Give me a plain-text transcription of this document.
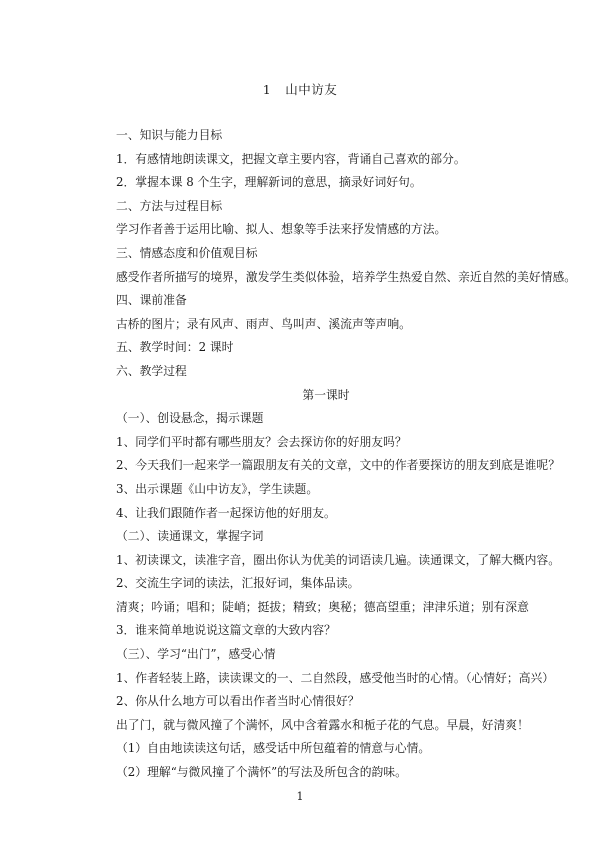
1 山中访友
一、知识与能力目标
1．有感情地朗读课文，把握文章主要内容，背诵自己喜欢的部分。
2．掌握本课 8 个生字，理解新词的意思，摘录好词好句。
二、方法与过程目标
学习作者善于运用比喻、拟人、想象等手法来抒发情感的方法。
三、情感态度和价值观目标
感受作者所描写的境界，激发学生类似体验，培养学生热爱自然、亲近自然的美好情感。
四、课前准备
古桥的图片；录有风声、雨声、鸟叫声、溪流声等声响。
五、教学时间：2 课时
六、教学过程
第一课时
（一）、创设悬念，揭示课题
1、同学们平时都有哪些朋友？会去探访你的好朋友吗？
2、今天我们一起来学一篇跟朋友有关的文章，文中的作者要探访的朋友到底是谁呢？
3、出示课题《山中访友》，学生读题。
4、让我们跟随作者一起探访他的好朋友。
（二）、读通课文，掌握字词
1、初读课文，读准字音，圈出你认为优美的词语读几遍。读通课文，了解大概内容。
2、交流生字词的读法，汇报好词，集体品读。
清爽；吟诵；唱和；陡峭；挺拔；精致；奥秘；德高望重；津津乐道；别有深意
3．谁来简单地说说这篇文章的大致内容？
（三）、学习“出门”，感受心情
1、作者轻装上路，读读课文的一、二自然段，感受他当时的心情。（心情好；高兴）
2、你从什么地方可以看出作者当时心情很好？
出了门，就与微风撞了个满怀，风中含着露水和栀子花的气息。早晨，好清爽！
（1）自由地读读这句话，感受话中所包蕴着的情意与心情。
（2）理解“与微风撞了个满怀”的写法及所包含的韵味。
1
